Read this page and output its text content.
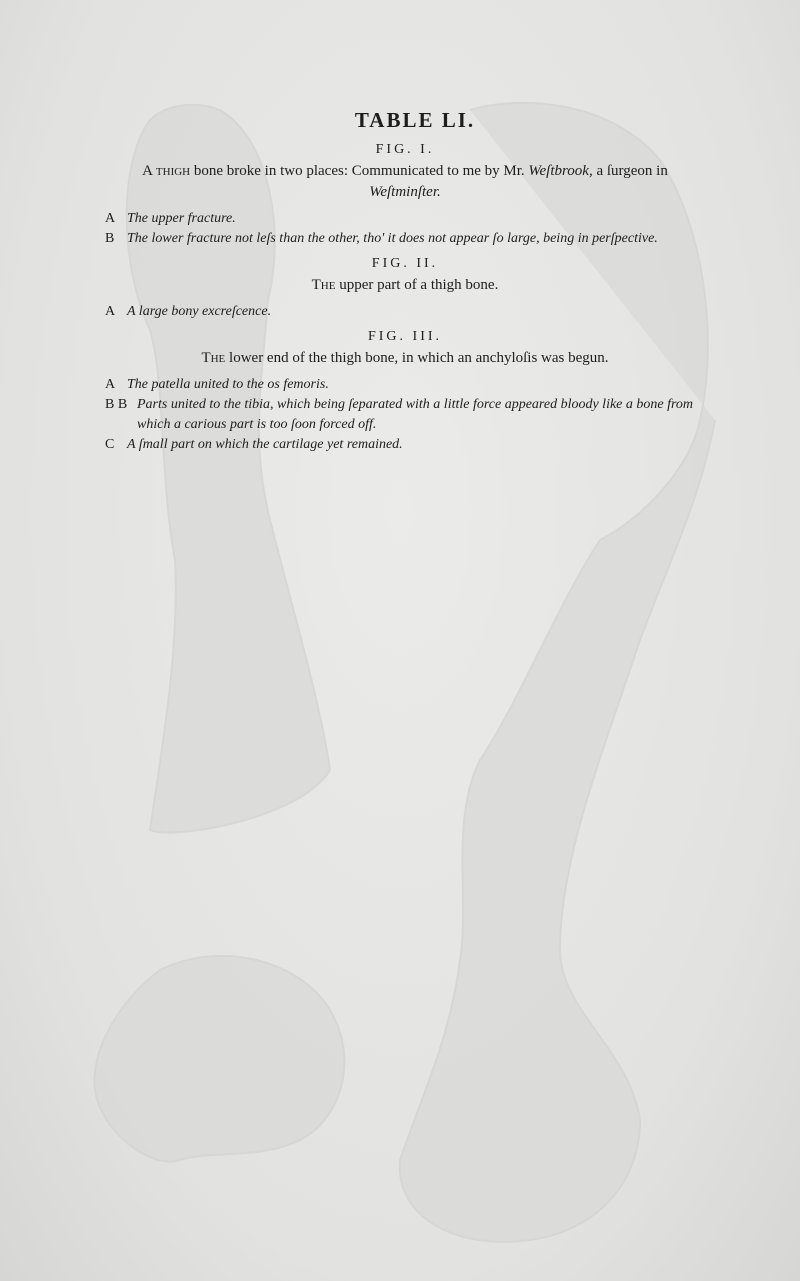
TABLE LI.

FIG. I.

A thigh bone broke in two places: Communicated to me by Mr. Weſtbrook, a ſurgeon in Weſtminſter.

A The upper fracture.
B The lower fracture not leſs than the other, tho' it does not appear ſo large, being in perſpective.

FIG. II.

The upper part of a thigh bone.

A A large bony excreſcence.

FIG. III.

The lower end of the thigh bone, in which an anchyloſis was begun.

A The patella united to the os femoris.
B B Parts united to the tibia, which being ſeparated with a little force appeared bloody like a bone from which a carious part is too ſoon forced off.
C A ſmall part on which the cartilage yet remained.
